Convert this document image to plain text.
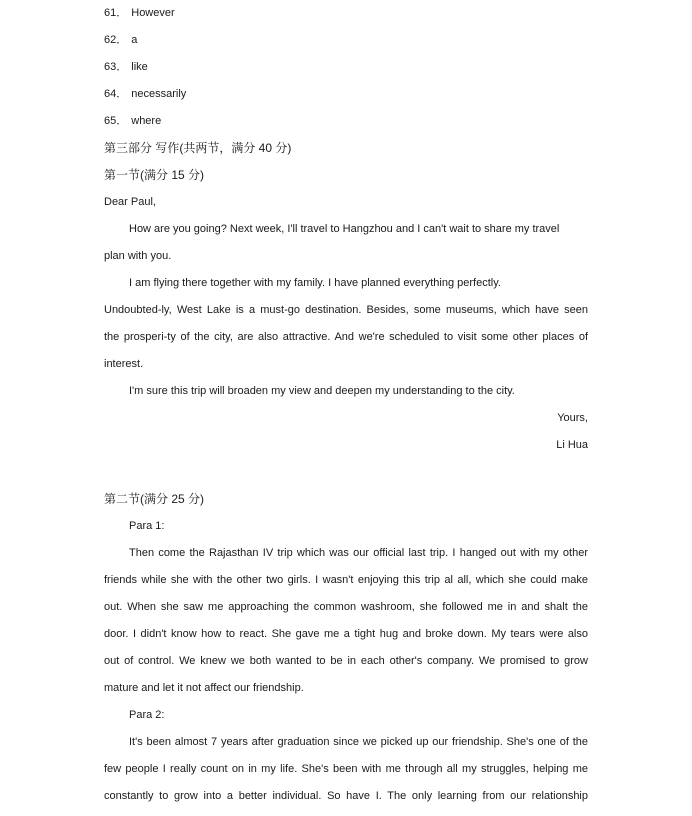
61． However
62． a
63． like
64． necessarily
65． where
第三部分 写作(共两节，满分 40 分)
第一节(满分 15 分)
Dear Paul,
How are you going? Next week, I'll travel to Hangzhou and I can't wait to share my travel
plan with you.
I am flying there together with my family. I have planned everything perfectly.
Undoubted-ly, West Lake is a must-go destination. Besides, some museums, which have seen
the prosperi-ty of the city, are also attractive. And we're scheduled to visit some other places of
interest.
I'm sure this trip will broaden my view and deepen my understanding to the city.
Yours,
Li Hua
第二节(满分 25 分)
Para 1:
Then come the Rajasthan IV trip which was our official last trip. I hanged out with my other
friends while she with the other two girls. I wasn't enjoying this trip al all, which she could make
out. When she saw me approaching the common washroom, she followed me in and shalt the
door. I didn't know how to react. She gave me a tight hug and broke down. My tears were also
out of control. We knew we both wanted to be in each other's company. We promised to grow
mature and let it not affect our friendship.
Para 2:
It's been almost 7 years after graduation since we picked up our friendship. She's one of the
few people I really count on in my life. She's been with me through all my struggles, helping me
constantly to grow into a better individual. So have I. The only learning from our relationship
